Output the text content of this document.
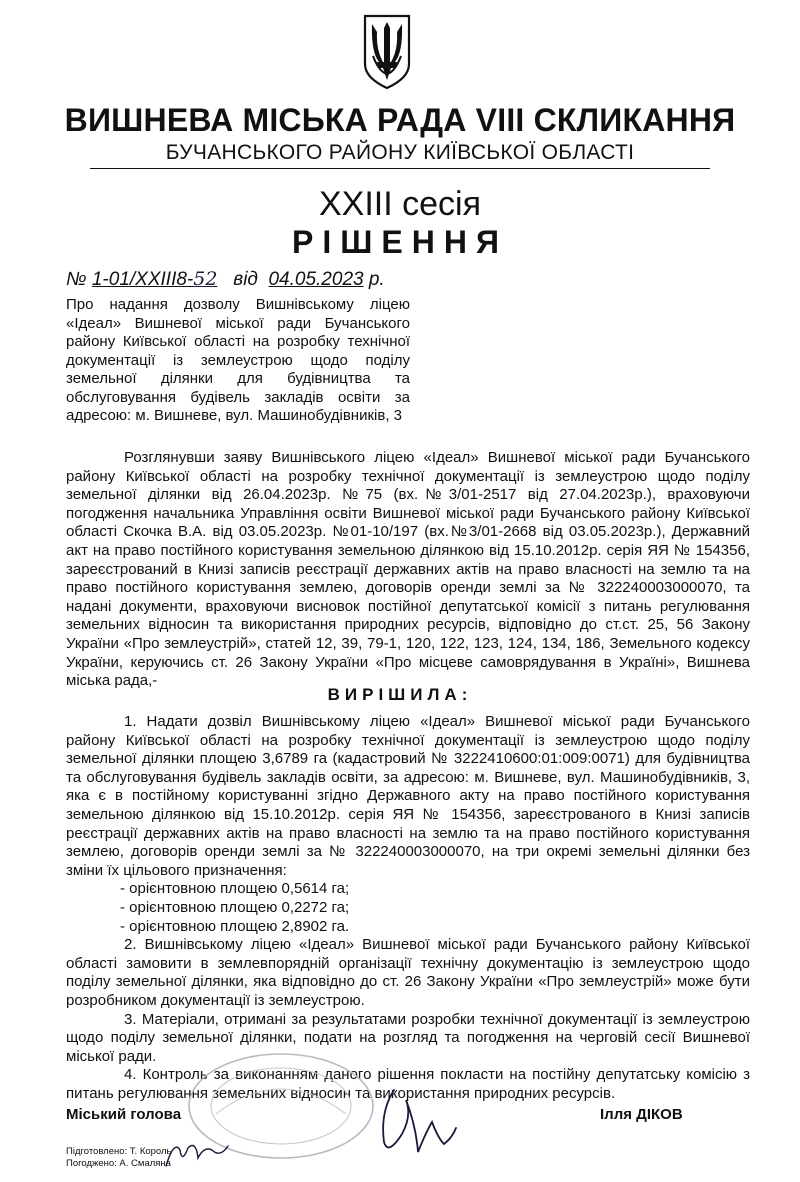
ВИШНЕВА МІСЬКА РАДА VIII СКЛИКАННЯ
БУЧАНСЬКОГО РАЙОНУ КИЇВСЬКОЇ ОБЛАСТІ
XXIII сесія
РІШЕННЯ
№ 1-01/XXIII8-52 від 04.05.2023 р.
Про надання дозволу Вишнівському ліцею «Ідеал» Вишневої міської ради Бучанського району Київської області на розробку технічної документації із землеустрою щодо поділу земельної ділянки для будівництва та обслуговування будівель закладів освіти за адресою: м. Вишневе, вул. Машинобудівників, 3

Розглянувши заяву Вишнівського ліцею «Ідеал» Вишневої міської ради Бучанського району Київської області на розробку технічної документації із землеустрою щодо поділу земельної ділянки від 26.04.2023р. №75 (вх.№3/01-2517 від 27.04.2023р.), враховуючи погодження начальника Управління освіти Вишневої міської ради Бучанського району Київської області Скочка В.А. від 03.05.2023р. №01-10/197 (вх.№3/01-2668 від 03.05.2023р.), Державний акт на право постійного користування земельною ділянкою від 15.10.2012р. серія ЯЯ № 154356, зареєстрований в Книзі записів реєстрації державних актів на право власності на землю та на право постійного користування землею, договорів оренди землі за № 322240003000070, та надані документи, враховуючи висновок постійної депутатської комісії з питань регулювання земельних відносин та використання природних ресурсів, відповідно до ст.ст. 25, 56 Закону України «Про землеустрій», статей 12, 39, 79-1, 120, 122, 123, 124, 134, 186, Земельного кодексу України, керуючись ст. 26 Закону України «Про місцеве самоврядування в Україні», Вишнева міська рада,-

ВИРІШИЛА:

1. Надати дозвіл Вишнівському ліцею «Ідеал» Вишневої міської ради Бучанського району Київської області на розробку технічної документації із землеустрою щодо поділу земельної ділянки площею 3,6789 га (кадастровий № 3222410600:01:009:0071) для будівництва та обслуговування будівель закладів освіти, за адресою: м. Вишневе, вул. Машинобудівників, 3, яка є в постійному користуванні згідно Державного акту на право постійного користування земельною ділянкою від 15.10.2012р. серія ЯЯ № 154356, зареєстрованого в Книзі записів реєстрації державних актів на право власності на землю та на право постійного користування землею, договорів оренди землі за № 322240003000070, на три окремі земельні ділянки без зміни їх цільового призначення:

- орієнтовною площею 0,5614 га;
- орієнтовною площею 0,2272 га;
- орієнтовною площею 2,8902 га.

2. Вишнівському ліцею «Ідеал» Вишневої міської ради Бучанського району Київської області замовити в землевпорядній організації технічну документацію із землеустрою щодо поділу земельної ділянки, яка відповідно до ст. 26 Закону України «Про землеустрій» може бути розробником документації із землеустрою.

3. Матеріали, отримані за результатами розробки технічної документації із землеустрою щодо поділу земельної ділянки, подати на розгляд та погодження на черговій сесії Вишневої міської ради.

4. Контроль за виконанням даного рішення покласти на постійну депутатську комісію з питань регулювання земельних відносин та використання природних ресурсів.

Міський голова	Ілля ДІКОВ
Підготовлено: Т. Король
Погоджено: А. Смаляна
